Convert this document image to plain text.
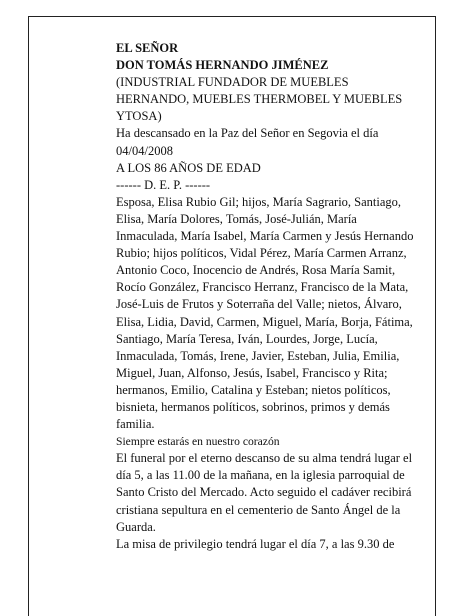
EL SEÑOR

DON TOMÁS HERNANDO JIMÉNEZ

(INDUSTRIAL FUNDADOR DE MUEBLES HERNANDO, MUEBLES THERMOBEL Y MUEBLES YTOSA)

Ha descansado en la Paz del Señor en Segovia el día 04/04/2008

A LOS 86 AÑOS DE EDAD

------ D. E. P. ------

Esposa, Elisa Rubio Gil; hijos, María Sagrario, Santiago, Elisa, María Dolores, Tomás, José-Julián, María Inmaculada, María Isabel, María Carmen y Jesús Hernando Rubio; hijos políticos, Vidal Pérez, María Carmen Arranz, Antonio Coco, Inocencio de Andrés, Rosa María Samit, Rocío González, Francisco Herranz, Francisco de la Mata, José-Luis de Frutos y Soterraña del Valle; nietos, Álvaro, Elisa, Lidia, David, Carmen, Miguel, María, Borja, Fátima, Santiago, María Teresa, Iván, Lourdes, Jorge, Lucía, Inmaculada, Tomás, Irene, Javier, Esteban, Julia, Emilia, Miguel, Juan, Alfonso, Jesús, Isabel, Francisco y Rita; hermanos, Emilio, Catalina y Esteban; nietos políticos, bisnieta, hermanos políticos, sobrinos, primos y demás familia.

Siempre estarás en nuestro corazón

El funeral por el eterno descanso de su alma tendrá lugar el día 5, a las 11.00 de la mañana, en la iglesia parroquial de Santo Cristo del Mercado. Acto seguido el cadáver recibirá cristiana sepultura en el cementerio de Santo Ángel de la Guarda.

La misa de privilegio tendrá lugar el día 7, a las 9.30 de
